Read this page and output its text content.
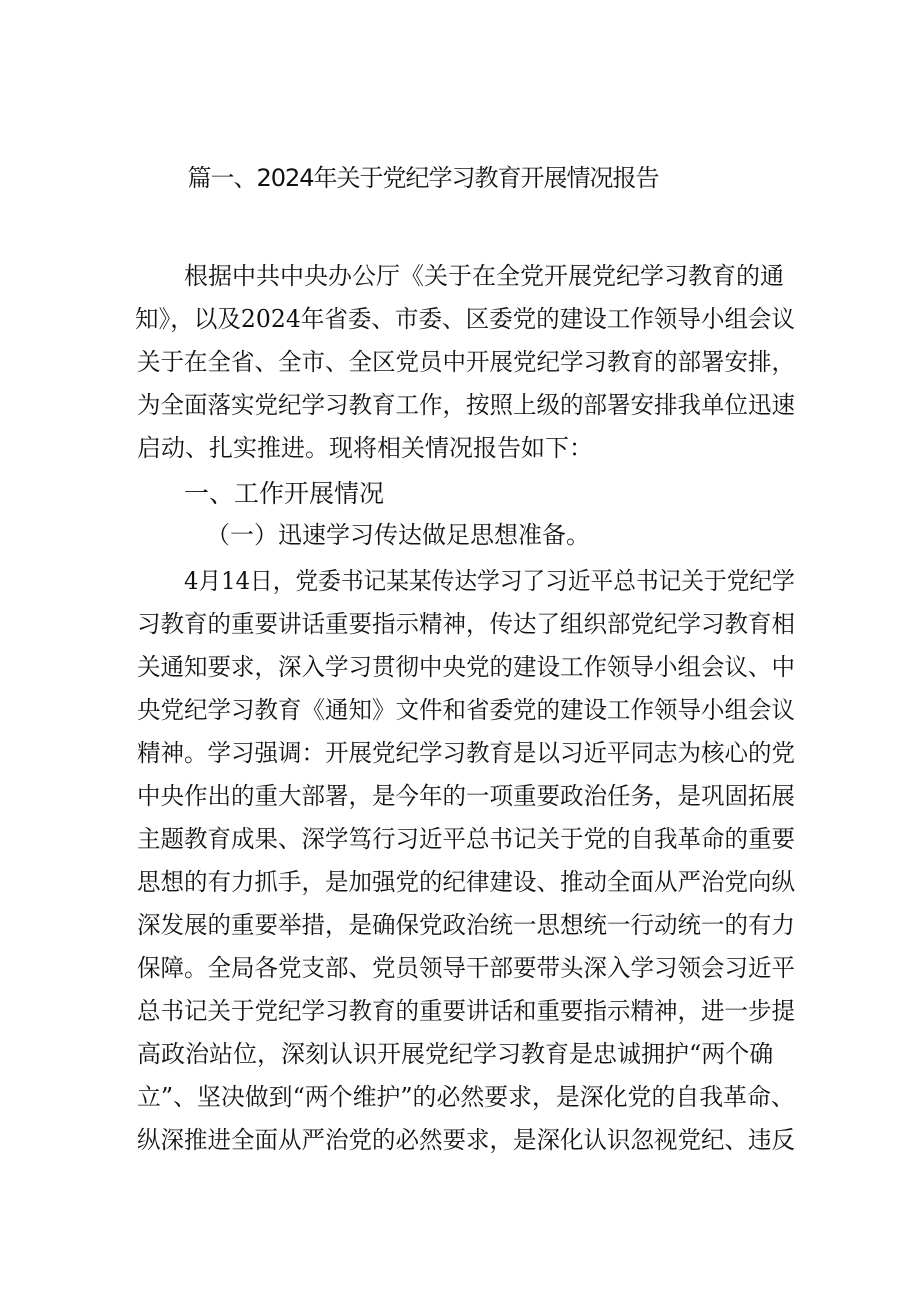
篇一、2024年关于党纪学习教育开展情况报告
根据中共中央办公厅《关于在全党开展党纪学习教育的通
知》，以及2024年省委、市委、区委党的建设工作领导小组会议
关于在全省、全市、全区党员中开展党纪学习教育的部署安排，
为全面落实党纪学习教育工作，按照上级的部署安排我单位迅速
启动、扎实推进。现将相关情况报告如下：
一、工作开展情况
（一）迅速学习传达做足思想准备。
4月14日，党委书记某某传达学习了习近平总书记关于党纪学
习教育的重要讲话重要指示精神，传达了组织部党纪学习教育相
关通知要求，深入学习贯彻中央党的建设工作领导小组会议、中
央党纪学习教育《通知》文件和省委党的建设工作领导小组会议
精神。学习强调：开展党纪学习教育是以习近平同志为核心的党
中央作出的重大部署，是今年的一项重要政治任务，是巩固拓展
主题教育成果、深学笃行习近平总书记关于党的自我革命的重要
思想的有力抓手，是加强党的纪律建设、推动全面从严治党向纵
深发展的重要举措，是确保党政治统一思想统一行动统一的有力
保障。全局各党支部、党员领导干部要带头深入学习领会习近平
总书记关于党纪学习教育的重要讲话和重要指示精神，进一步提
高政治站位，深刻认识开展党纪学习教育是忠诚拥护“两个确
立”、坚决做到“两个维护”的必然要求，是深化党的自我革命、
纵深推进全面从严治党的必然要求，是深化认识忽视党纪、违反
